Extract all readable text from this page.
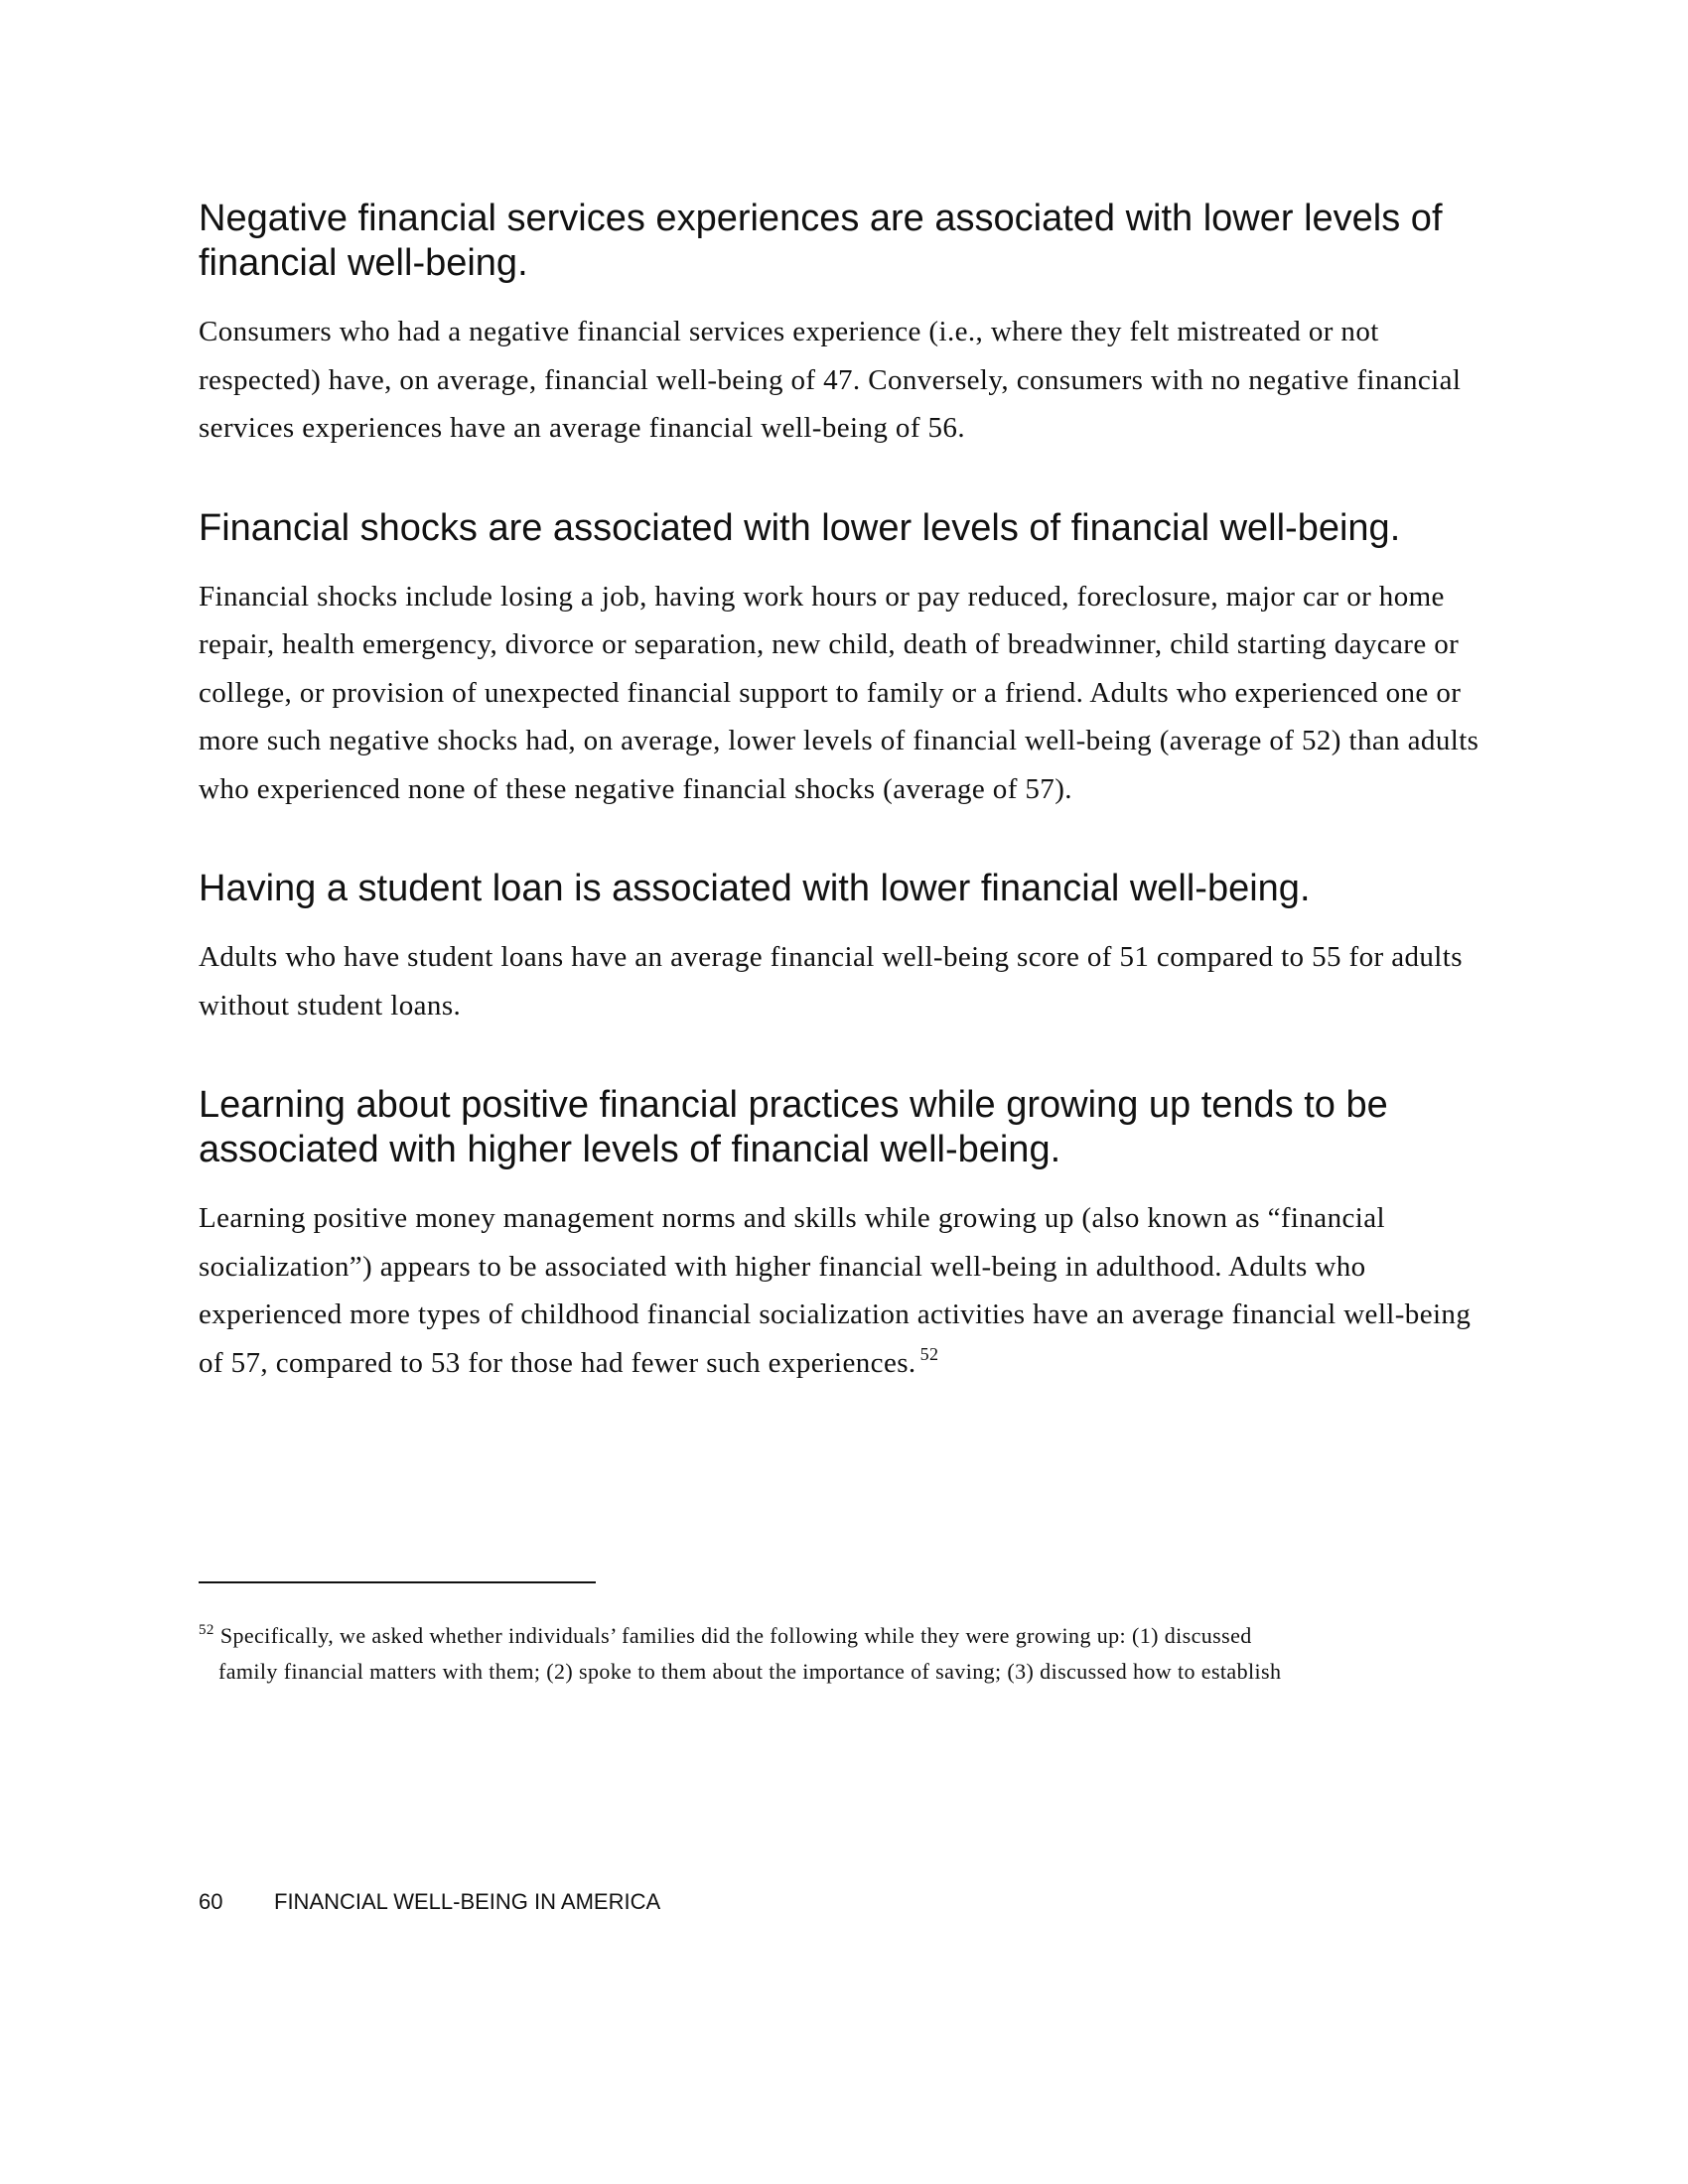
Negative financial services experiences are associated with lower levels of financial well-being.

Consumers who had a negative financial services experience (i.e., where they felt mistreated or not respected) have, on average, financial well-being of 47. Conversely, consumers with no negative financial services experiences have an average financial well-being of 56.

Financial shocks are associated with lower levels of financial well-being.

Financial shocks include losing a job, having work hours or pay reduced, foreclosure, major car or home repair, health emergency, divorce or separation, new child, death of breadwinner, child starting daycare or college, or provision of unexpected financial support to family or a friend. Adults who experienced one or more such negative shocks had, on average, lower levels of financial well-being (average of 52) than adults who experienced none of these negative financial shocks (average of 57).

Having a student loan is associated with lower financial well-being.

Adults who have student loans have an average financial well-being score of 51 compared to 55 for adults without student loans.

Learning about positive financial practices while growing up tends to be associated with higher levels of financial well-being.

Learning positive money management norms and skills while growing up (also known as “financial socialization”) appears to be associated with higher financial well-being in adulthood. Adults who experienced more types of childhood financial socialization activities have an average financial well-being of 57, compared to 53 for those had fewer such experiences. $^{52}$

$^{52}$ Specifically, we asked whether individuals’ families did the following while they were growing up: (1) discussed
family financial matters with them; (2) spoke to them about the importance of saving; (3) discussed how to establish
60 FINANCIAL WELL-BEING IN AMERICA
